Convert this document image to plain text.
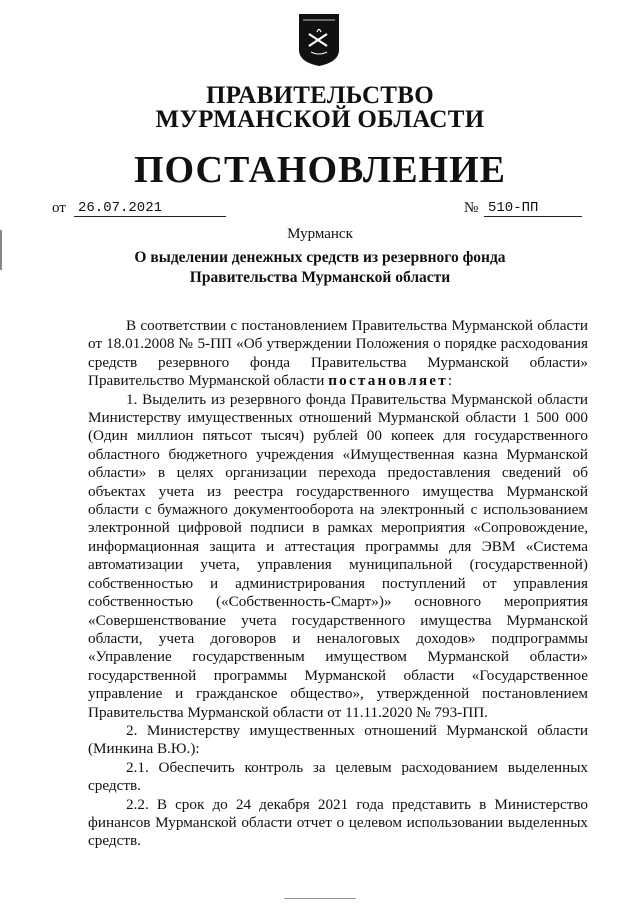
ПРАВИТЕЛЬСТВО
МУРМАНСКОЙ ОБЛАСТИ
ПОСТАНОВЛЕНИЕ
от 26.07.2021	№ 510-ПП
Мурманск
О выделении денежных средств из резервного фонда
Правительства Мурманской области

В соответствии с постановлением Правительства Мурманской области от 18.01.2008 № 5-ПП «Об утверждении Положения о порядке расходования средств резервного фонда Правительства Мурманской области» Правительство Мурманской области постановляет:

1. Выделить из резервного фонда Правительства Мурманской области Министерству имущественных отношений Мурманской области 1 500 000 (Один миллион пятьсот тысяч) рублей 00 копеек для государственного областного бюджетного учреждения «Имущественная казна Мурманской области» в целях организации перехода предоставления сведений об объектах учета из реестра государственного имущества Мурманской области с бумажного документооборота на электронный с использованием электронной цифровой подписи в рамках мероприятия «Сопровождение, информационная защита и аттестация программы для ЭВМ «Система автоматизации учета, управления муниципальной (государственной) собственностью и администрирования поступлений от управления собственностью («Собственность-Смарт»)» основного мероприятия «Совершенствование учета государственного имущества Мурманской области, учета договоров и неналоговых доходов» подпрограммы «Управление государственным имуществом Мурманской области» государственной программы Мурманской области «Государственное управление и гражданское общество», утвержденной постановлением Правительства Мурманской области от 11.11.2020 № 793-ПП.

2. Министерству имущественных отношений Мурманской области (Минкина В.Ю.):

2.1. Обеспечить контроль за целевым расходованием выделенных средств.

2.2. В срок до 24 декабря 2021 года представить в Министерство финансов Мурманской области отчет о целевом использовании выделенных средств.
